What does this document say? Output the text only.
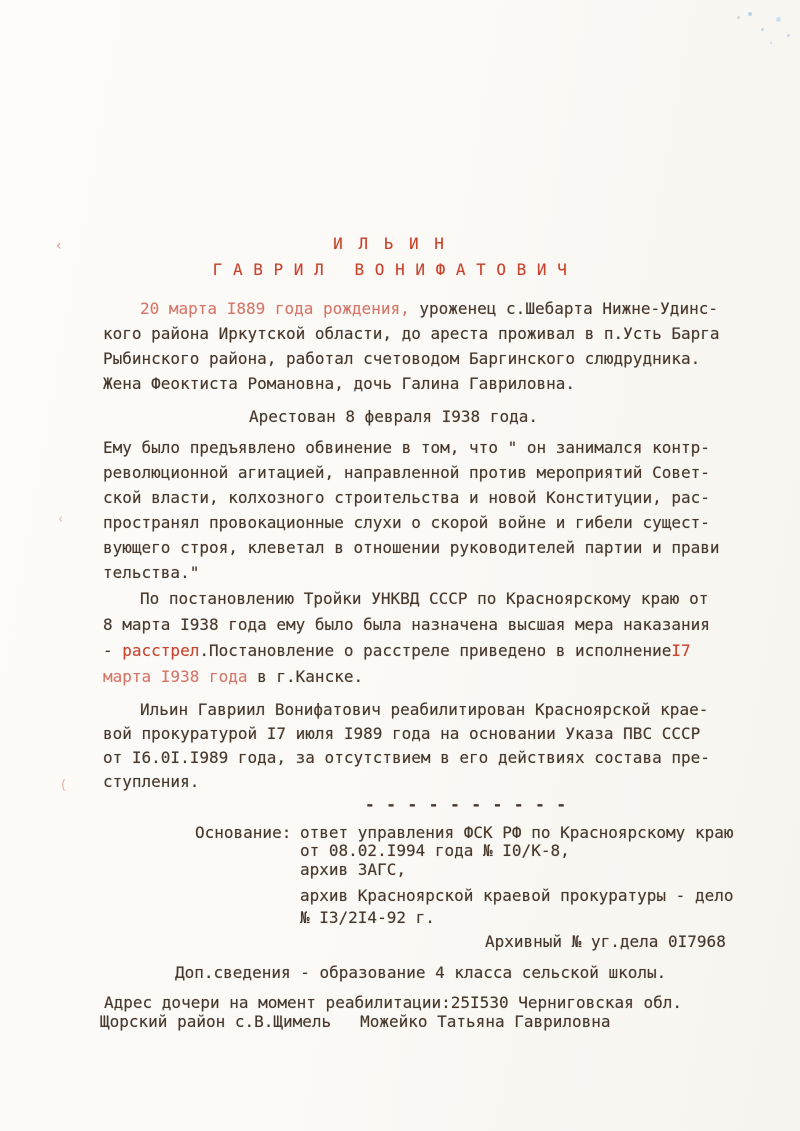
‹
‹
(
И Л Ь И Н
Г А В Р И Л   В О Н И Ф А Т О В И Ч
20 марта I889 года рождения, уроженец с.Шебарта Нижне-Удинс-
кого района Иркутской области, до ареста проживал в п.Усть Барга
Рыбинского района, работал счетоводом Баргинского слюдрудника.
Жена Феоктиста Романовна, дочь Галина Гавриловна.
Арестован 8 февраля I938 года.
Ему было предъявлено обвинение в том, что " он занимался контр-
революционной агитацией, направленной против мероприятий Совет-
ской власти, колхозного строительства и новой Конституции, рас-
пространял провокационные слухи о скорой войне и гибели сущест-
вующего строя, клеветал в отношении руководителей партии и прави
тельства."
По постановлению Тройки УНКВД СССР по Красноярскому краю от
8 марта I938 года ему было была назначена высшая мера наказания
- расстрел.Постановление о расстреле приведено в исполнениеI7
марта I938 года в г.Канске.
Ильин Гавриил Вонифатович реабилитирован Красноярской крае-
вой прокуратурой I7 июля I989 года на основании Указа ПВС СССР
от I6.0I.I989 года, за отсутствием в его действиях состава пре-
ступления.
- - - - - - - - - -
Основание: ответ управления ФСК РФ по Красноярскому краю
от 08.02.I994 года № I0/К-8,
архив ЗАГС,
архив Красноярской краевой прокуратуры - дело
№ I3/2I4-92 г.
Архивный № уг.дела 0I7968
Доп.сведения - образование 4 класса сельской школы.
Адрес дочери на момент реабилитации:25I530 Черниговская обл.
Щорский район с.В.Щимель   Можейко Татьяна Гавриловна
